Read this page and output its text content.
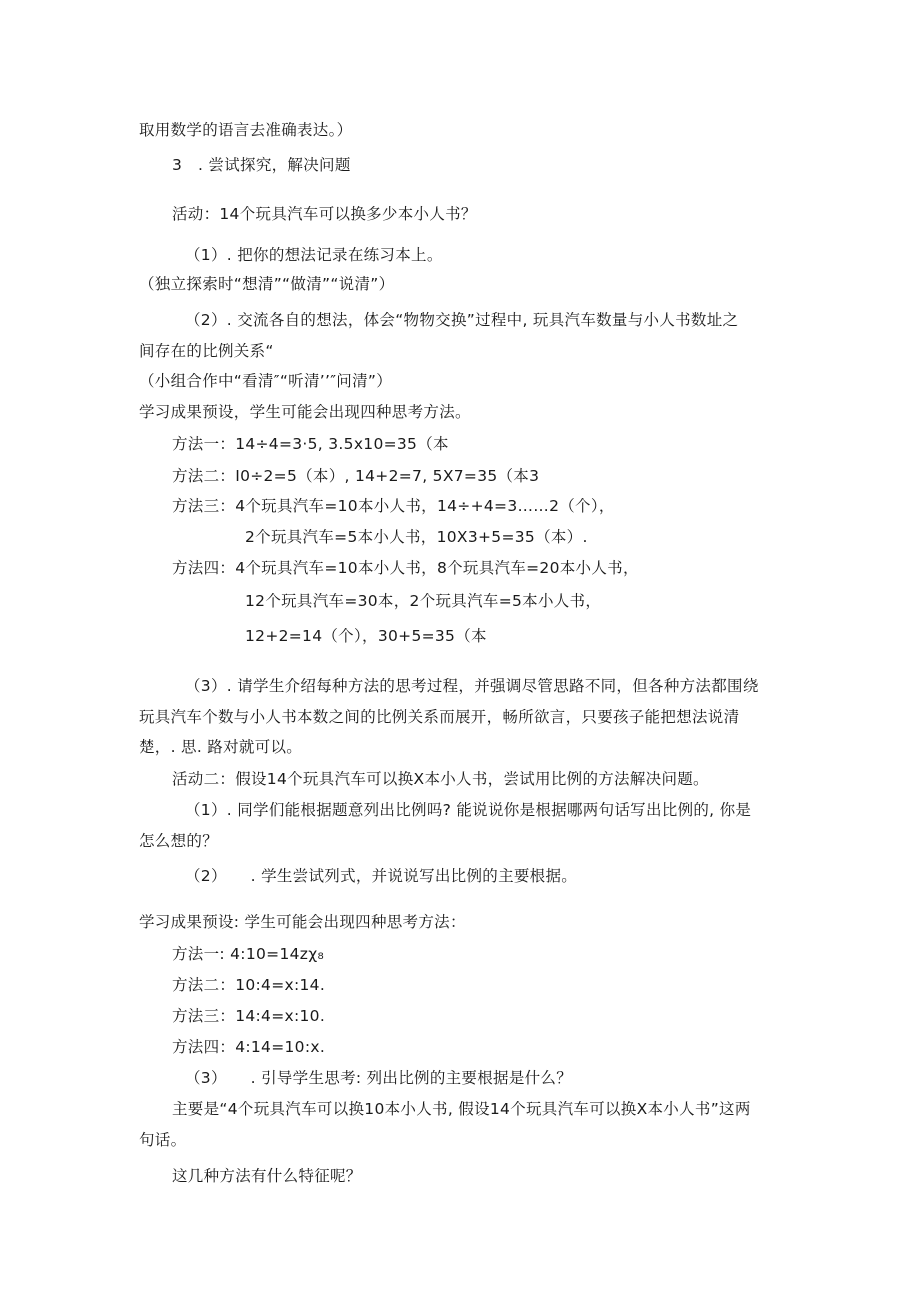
取用数学的语言去准确表达。）
3　. 尝试探究，解决问题
活动：14个玩具汽车可以换多少本小人书？
（1）. 把你的想法记录在练习本上。
（独立探索时“想清”“做清”“说清”）
（2）. 交流各自的想法，体会“物物交换”过程中, 玩具汽车数量与小人书数址之
间存在的比例关系“
（小组合作中“看清″“听清’’″问清”）
学习成果预设，学生可能会出现四种思考方法。
方法一：14÷4=3·5, 3.5x10=35（本
方法二：I0÷2=5（本）, 14+2=7, 5X7=35（本3
方法三：4个玩具汽车=10本小人书，14÷+4=3……2（个），
2个玩具汽车=5本小人书，10X3+5=35（本）.
方法四：4个玩具汽车=10本小人书，8个玩具汽车=20本小人书，
12个玩具汽车=30本，2个玩具汽车=5本小人书，
12+2=14（个），30+5=35（本
（3）. 请学生介绍每种方法的思考过程，并强调尽管思路不同，但各种方法都围绕
玩具汽车个数与小人书本数之间的比例关系而展开，畅所欲言，只要孩子能把想法说清
楚，. 思. 路对就可以。
活动二：假设14个玩具汽车可以换X本小人书，尝试用比例的方法解决问题。
（1）. 同学们能根据题意列出比例吗? 能说说你是根据哪两句话写出比例的, 你是
怎么想的？
（2）　　. 学生尝试列式，并说说写出比例的主要根据。
学习成果预设: 学生可能会出现四种思考方法：
方法一: 4:10=14zχ₈
方法二：10:4=x:14.
方法三：14:4=x:10.
方法四：4:14=10:x.
（3）　　. 引导学生思考: 列出比例的主要根据是什么？
主要是“4个玩具汽车可以换10本小人书, 假设14个玩具汽车可以换X本小人书”这两
句话。
这几种方法有什么特征呢？
